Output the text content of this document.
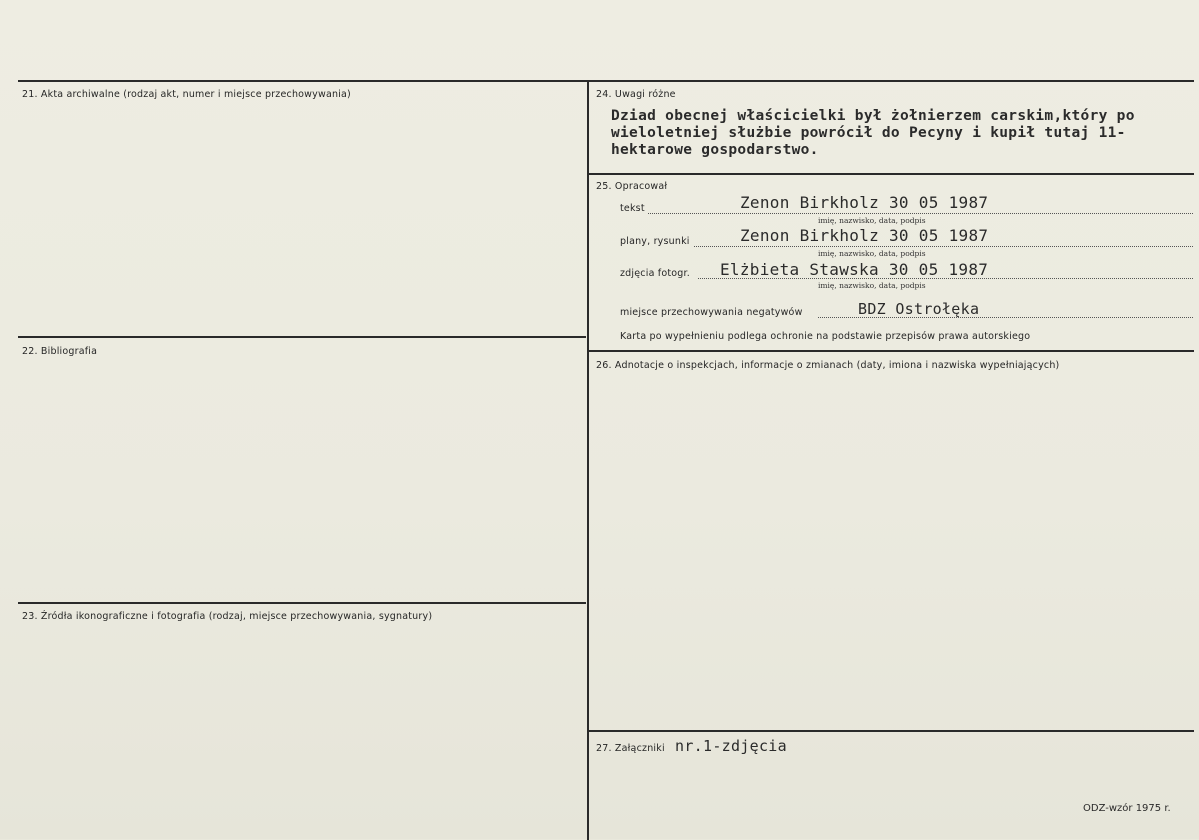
21. Akta archiwalne (rodzaj akt, numer i miejsce przechowywania)
22. Bibliografia
23. Źródła ikonograficzne i fotografia (rodzaj, miejsce przechowywania, sygnatury)
24. Uwagi różne
Dziad obecnej właścicielki był żołnierzem carskim,który po
wieloletniej służbie powrócił do Pecyny i kupił tutaj 11-
hektarowe gospodarstwo.
25. Opracował
tekst	Zenon Birkholz 30 05 1987
imię, nazwisko, data, podpis
plany, rysunki	Zenon Birkholz 30 05 1987
imię, nazwisko, data, podpis
zdjęcia fotogr. Elżbieta Stawska 30 05 1987
imię, nazwisko, data, podpis
miejsce przechowywania negatywów	BDZ Ostrołęka
Karta po wypełnieniu podlega ochronie na podstawie przepisów prawa autorskiego
26. Adnotacje o inspekcjach, informacje o zmianach (daty, imiona i nazwiska wypełniających)
27. Załączniki nr.1-zdjęcia
ODZ-wzór 1975 r.
